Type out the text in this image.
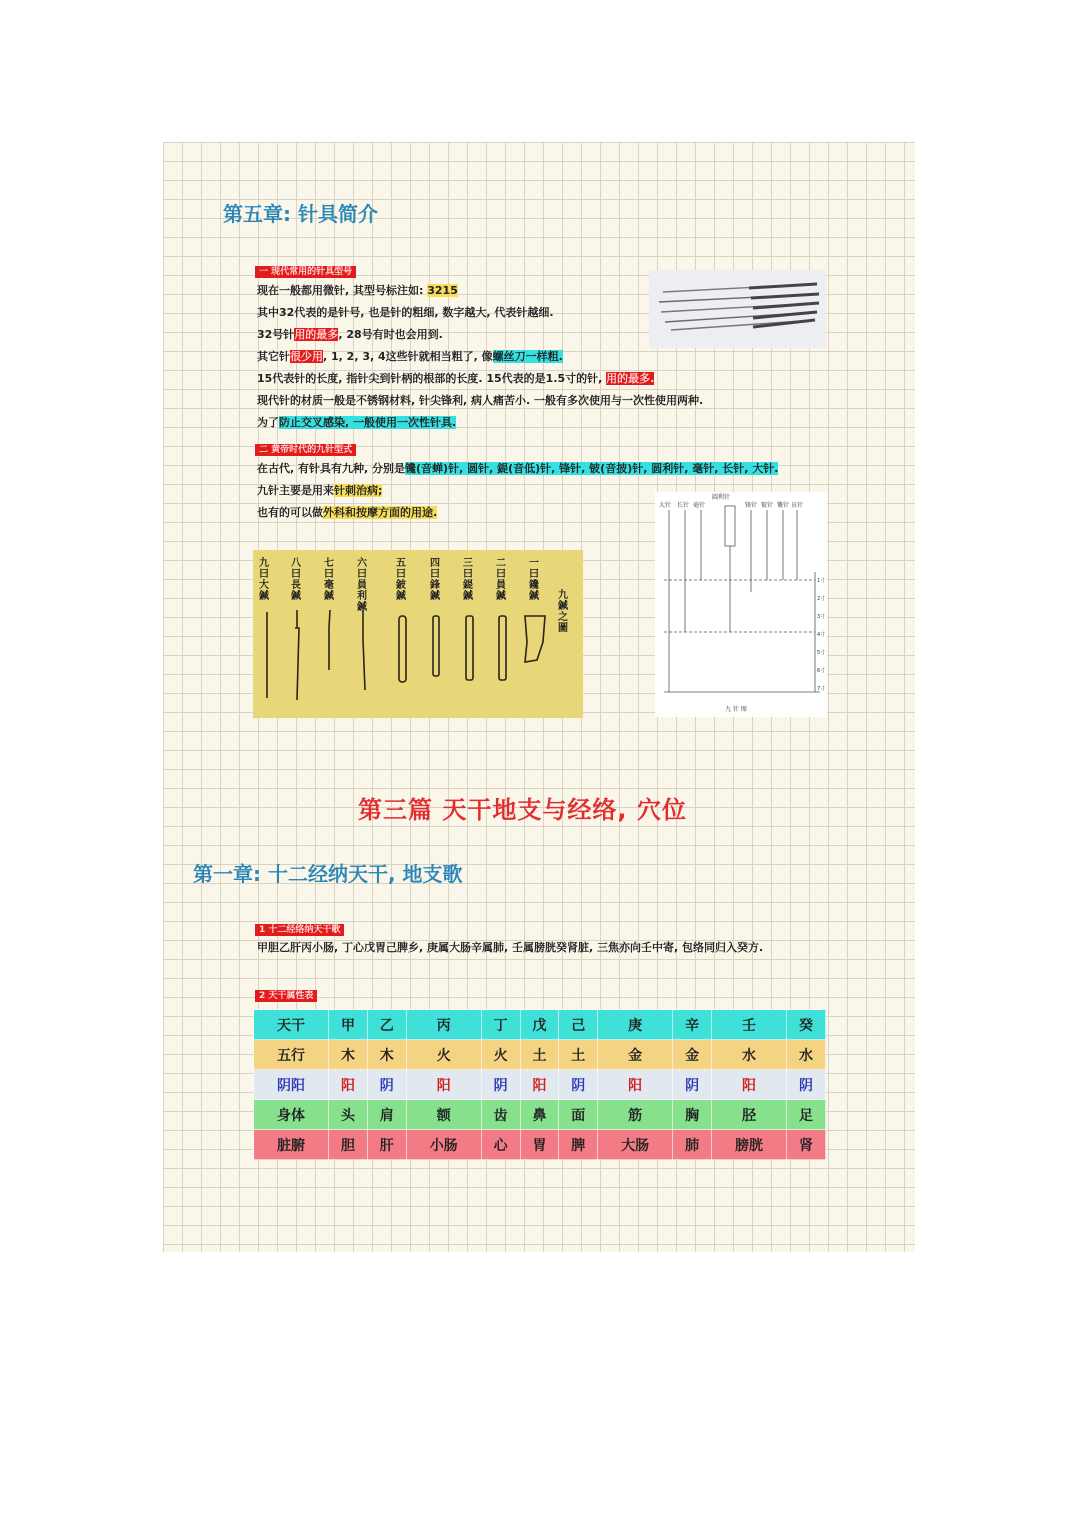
第五章: 针具简介
一 现代常用的针具型号
现在一般都用微针, 其型号标注如: 3215
其中32代表的是针号, 也是针的粗细, 数字越大, 代表针越细.
32号针用的最多, 28号有时也会用到.
其它针很少用, 1, 2, 3, 4这些针就相当粗了, 像螺丝刀一样粗.
15代表针的长度, 指针尖到针柄的根部的长度. 15代表的是1.5寸的针, 用的最多.
现代针的材质一般是不锈钢材料, 针尖锋利, 病人痛苦小. 一般有多次使用与一次性使用两种.
为了防止交叉感染, 一般使用一次性针具.
二 黄帝时代的九针型式
在古代, 有针具有九种, 分别是镵(音蝉)针, 圆针, 鍉(音低)针, 锋针, 铍(音披)针, 圆利针, 毫针, 长针, 大针.
九针主要是用来针刺治病;
也有的可以做外科和按摩方面的用途.
九曰大鍼
八曰長鍼
七曰毫鍼
六曰員利鍼
五曰鈹鍼
四曰鋒鍼
三曰鍉鍼
二曰員鍼
一曰鑱鍼 九鍼之圖
圆利针
大针 长针 毫针	锋针 铍针 镵针 员针
1寸
2寸
3寸
4寸
5寸
6寸
7寸
九 针 图
第三篇 天干地支与经络, 穴位
第一章: 十二经纳天干, 地支歌
1 十二经络纳天干歌
甲胆乙肝丙小肠, 丁心戊胃己脾乡, 庚属大肠辛属肺, 壬属膀胱癸肾脏, 三焦亦向壬中寄, 包络同归入癸方.
2 天干属性表
天干	甲	乙	丙	丁	戊	己	庚	辛	壬	癸
五行	木	木	火	火	土	土	金	金	水	水
阴阳	阳	阴	阳	阴	阳	阴	阳	阴	阳	阴
身体	头	肩	额	齿	鼻	面	筋	胸	胫	足
脏腑	胆	肝	小肠	心	胃	脾	大肠	肺	膀胱	肾
